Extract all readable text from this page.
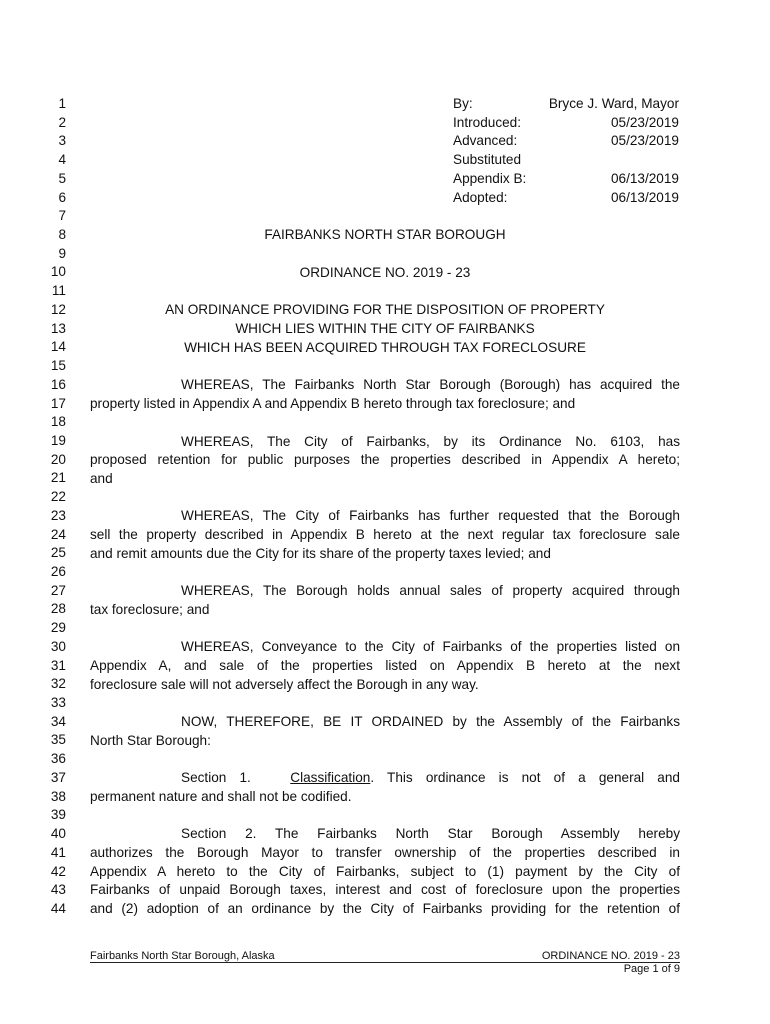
1
2
3
4
5
6
7
8
9
10
11
12
13
14
15
16
17
18
19
20
21
22
23
24
25
26
27
28
29
30
31
32
33
34
35
36
37
38
39
40
41
42
43
44
By:	Bryce J. Ward, Mayor
Introduced:	05/23/2019
Advanced:	05/23/2019
Substituted
Appendix B:	06/13/2019
Adopted:	06/13/2019
FAIRBANKS NORTH STAR BOROUGH
ORDINANCE NO. 2019 - 23
AN ORDINANCE PROVIDING FOR THE DISPOSITION OF PROPERTY
WHICH LIES WITHIN THE CITY OF FAIRBANKS
WHICH HAS BEEN ACQUIRED THROUGH TAX FORECLOSURE
WHEREAS, The Fairbanks North Star Borough (Borough) has acquired the
property listed in Appendix A and Appendix B hereto through tax foreclosure; and
WHEREAS, The City of Fairbanks, by its Ordinance No. 6103, has
proposed retention for public purposes the properties described in Appendix A hereto;
and
WHEREAS, The City of Fairbanks has further requested that the Borough
sell the property described in Appendix B hereto at the next regular tax foreclosure sale
and remit amounts due the City for its share of the property taxes levied; and
WHEREAS, The Borough holds annual sales of property acquired through
tax foreclosure; and
WHEREAS, Conveyance to the City of Fairbanks of the properties listed on
Appendix A, and sale of the properties listed on Appendix B hereto at the next
foreclosure sale will not adversely affect the Borough in any way.
NOW, THEREFORE, BE IT ORDAINED by the Assembly of the Fairbanks
North Star Borough:
Section 1.	Classification. This ordinance is not of a general and
permanent nature and shall not be codified.
Section 2. The Fairbanks North Star Borough Assembly hereby
authorizes the Borough Mayor to transfer ownership of the properties described in
Appendix A hereto to the City of Fairbanks, subject to (1) payment by the City of
Fairbanks of unpaid Borough taxes, interest and cost of foreclosure upon the properties
and (2) adoption of an ordinance by the City of Fairbanks providing for the retention of
Fairbanks North Star Borough, Alaska	ORDINANCE NO. 2019 - 23
Page 1 of 9
